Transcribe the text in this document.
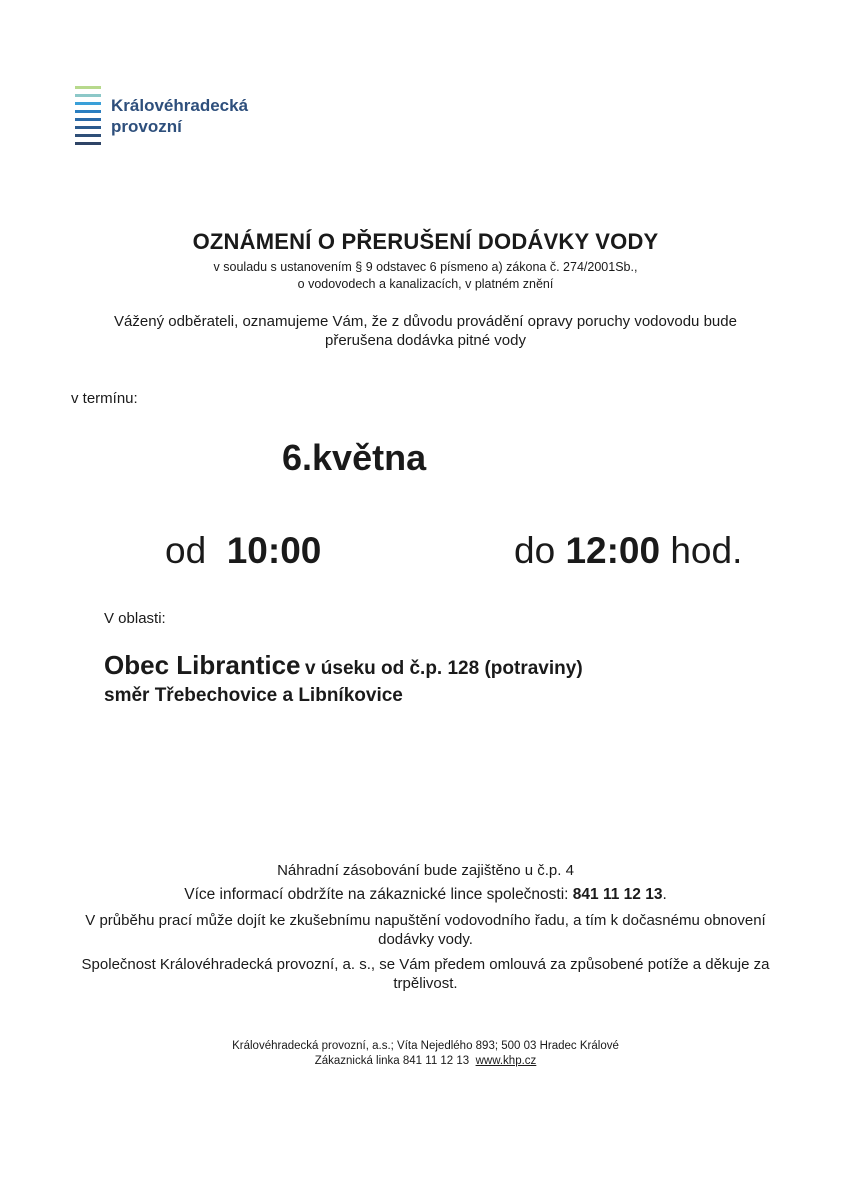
Královéhradecká
provozní
OZNÁMENÍ O PŘERUŠENÍ DODÁVKY VODY
v souladu s ustanovením § 9 odstavec 6 písmeno a) zákona č. 274/2001Sb.,
o vodovodech a kanalizacích, v platném znění
Vážený odběrateli, oznamujeme Vám, že z důvodu provádění opravy poruchy vodovodu bude
přerušena dodávka pitné vody
v termínu:
6.května
od 10:00	do 12:00 hod.
V oblasti:
Obec Librantice v úseku od č.p. 128 (potraviny)
směr Třebechovice a Libníkovice
Náhradní zásobování bude zajištěno u č.p. 4
Více informací obdržíte na zákaznické lince společnosti: 841 11 12 13.
V průběhu prací může dojít ke zkušebnímu napuštění vodovodního řadu, a tím k dočasnému obnovení
dodávky vody.
Společnost Královéhradecká provozní, a. s., se Vám předem omlouvá za způsobené potíže a děkuje za
trpělivost.
Královéhradecká provozní, a.s.; Víta Nejedlého 893; 500 03 Hradec Králové
Zákaznická linka 841 11 12 13 www.khp.cz
